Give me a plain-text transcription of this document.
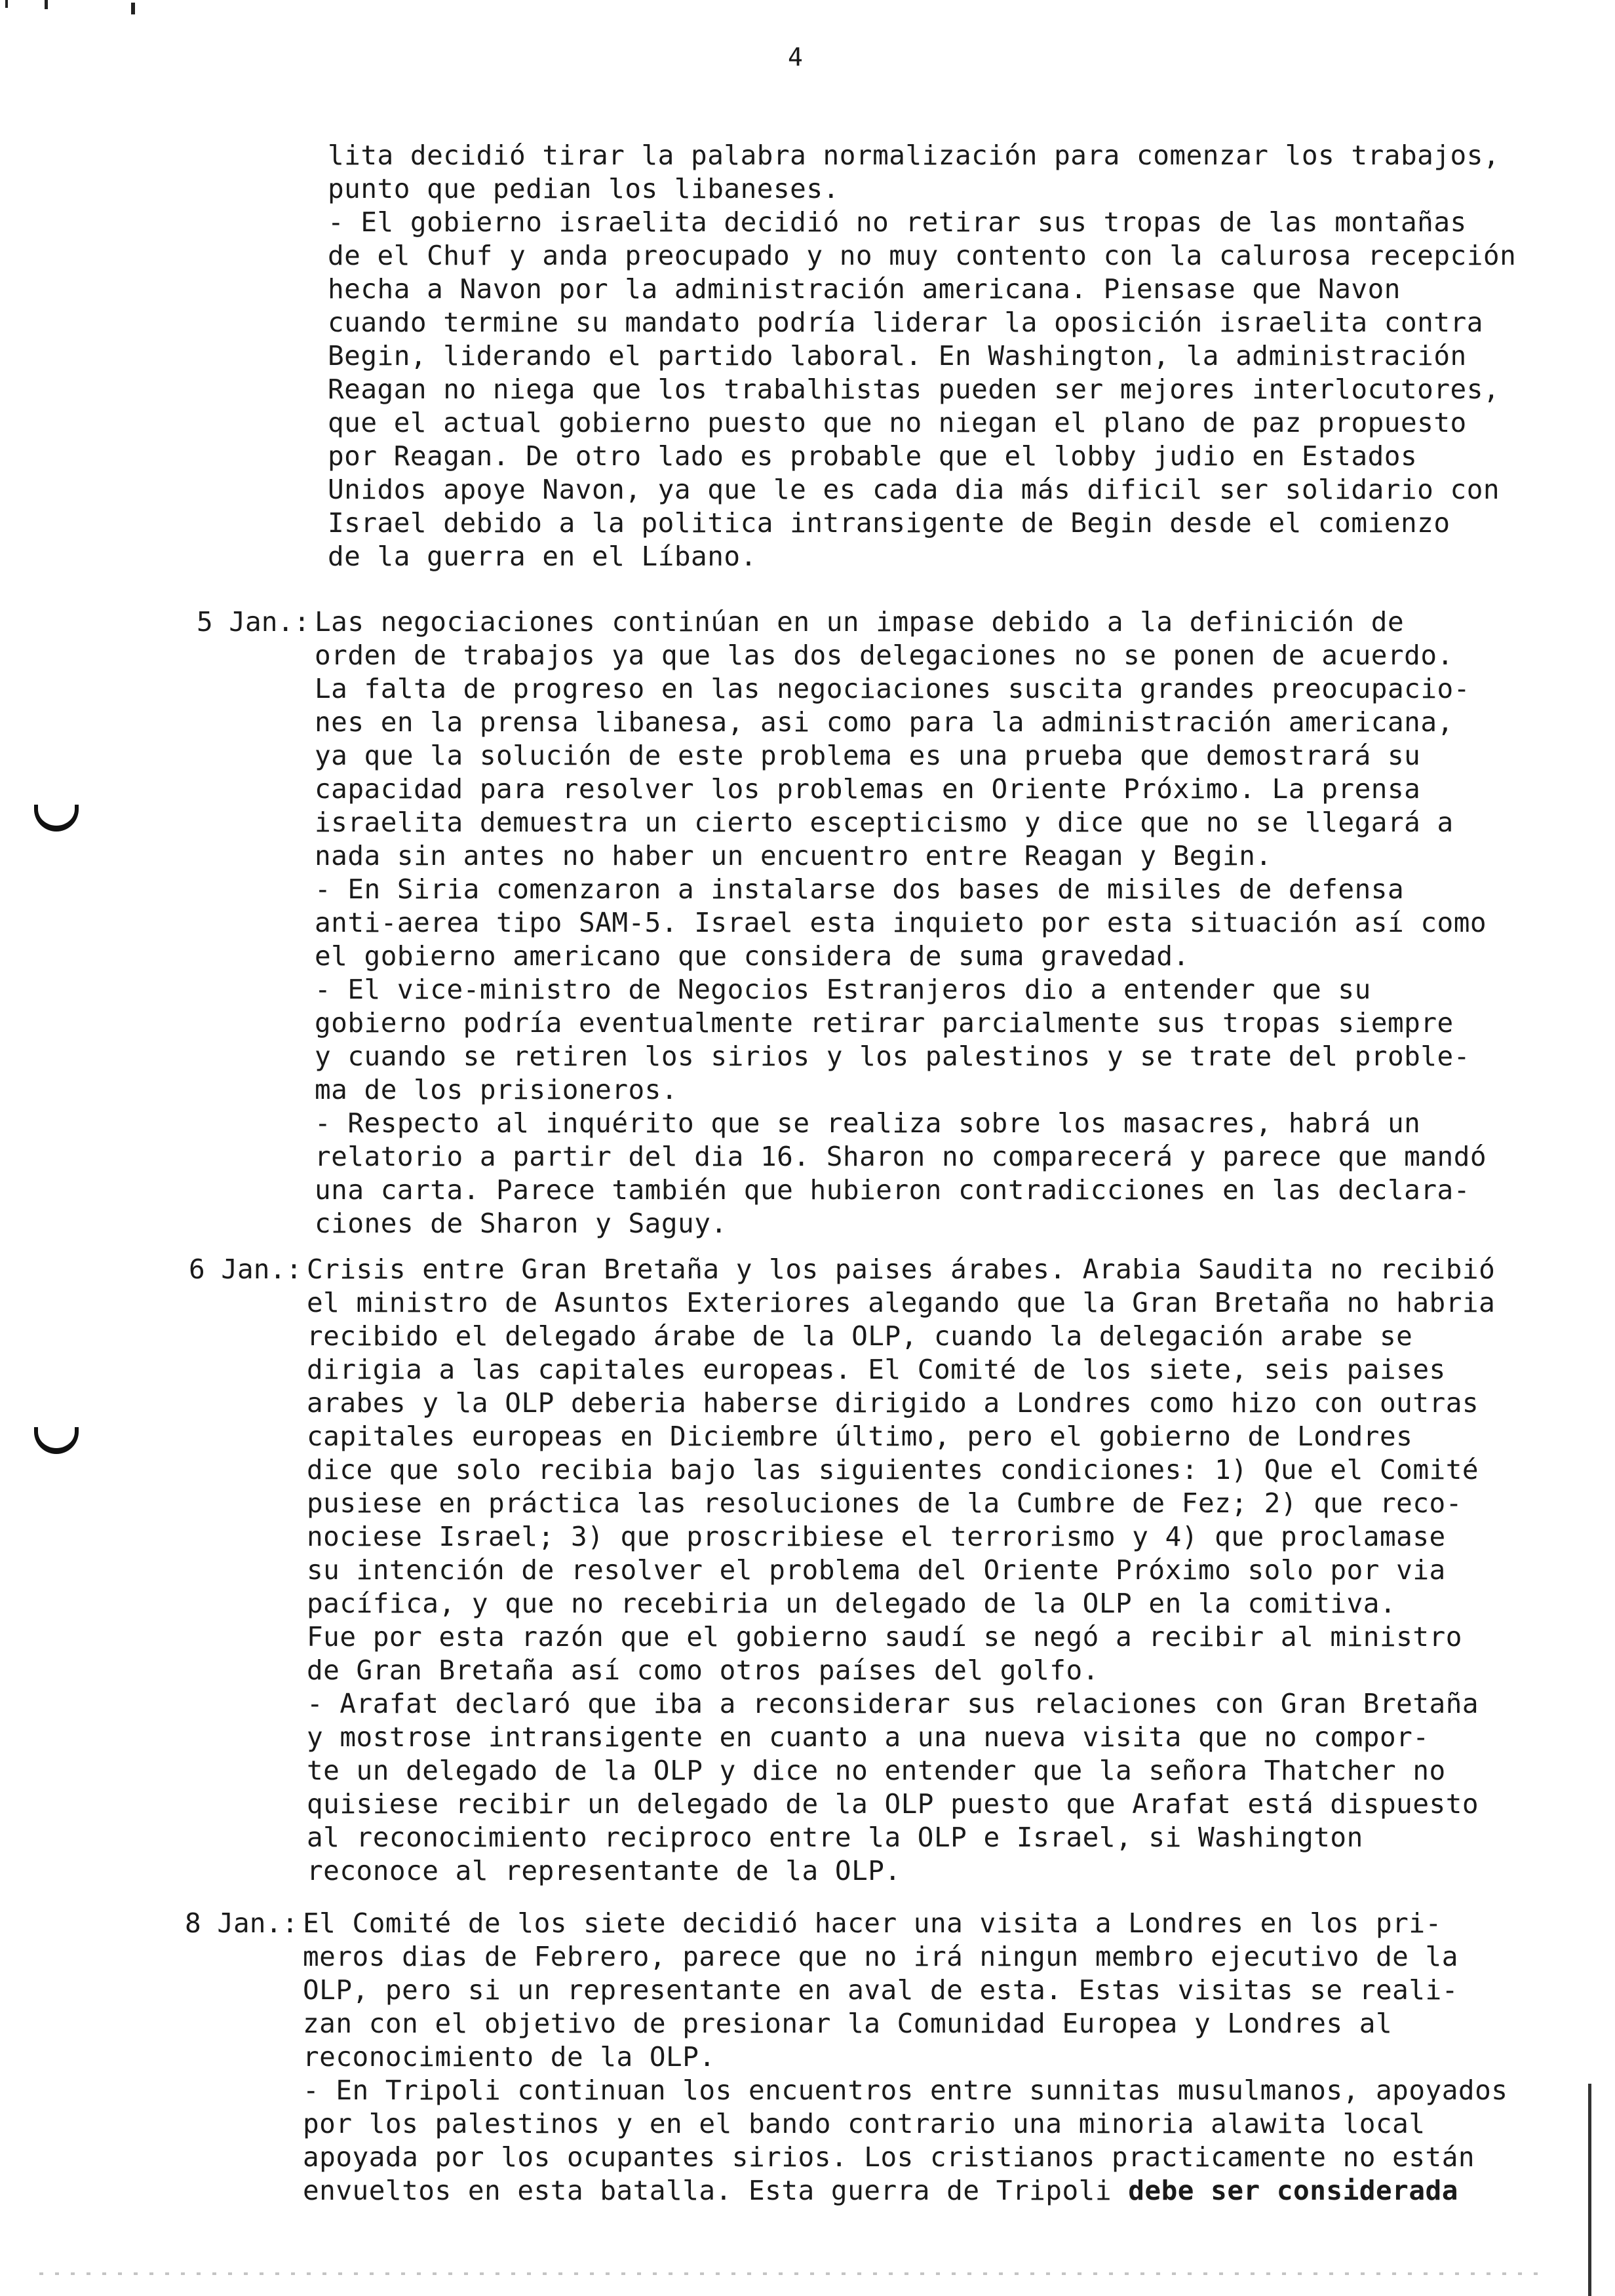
4
lita decidió tirar la palabra normalización para comenzar los trabajos,
punto que pedian los libaneses.
- El gobierno israelita decidió no retirar sus tropas de las montañas
de el Chuf y anda preocupado y no muy contento con la calurosa recepción
hecha a Navon por la administración americana. Piensase que Navon
cuando termine su mandato podría liderar la oposición israelita contra
Begin, liderando el partido laboral. En Washington, la administración
Reagan no niega que los trabalhistas pueden ser mejores interlocutores,
que el actual gobierno puesto que no niegan el plano de paz propuesto
por Reagan. De otro lado es probable que el lobby judio en Estados
Unidos apoye Navon, ya que le es cada dia más dificil ser solidario con
Israel debido a la politica intransigente de Begin desde el comienzo
de la guerra en el Líbano.
5 Jan.: Las negociaciones continúan en un impase debido a la definición de
orden de trabajos ya que las dos delegaciones no se ponen de acuerdo.
La falta de progreso en las negociaciones suscita grandes preocupacio-
nes en la prensa libanesa, asi como para la administración americana,
ya que la solución de este problema es una prueba que demostrará su
capacidad para resolver los problemas en Oriente Próximo. La prensa
israelita demuestra un cierto escepticismo y dice que no se llegará a
nada sin antes no haber un encuentro entre Reagan y Begin.
- En Siria comenzaron a instalarse dos bases de misiles de defensa
anti-aerea tipo SAM-5. Israel esta inquieto por esta situación así como
el gobierno americano que considera de suma gravedad.
- El vice-ministro de Negocios Estranjeros dio a entender que su
gobierno podría eventualmente retirar parcialmente sus tropas siempre
y cuando se retiren los sirios y los palestinos y se trate del proble-
ma de los prisioneros.
- Respecto al inquérito que se realiza sobre los masacres, habrá un
relatorio a partir del dia 16. Sharon no comparecerá y parece que mandó
una carta. Parece también que hubieron contradicciones en las declara-
ciones de Sharon y Saguy.
6 Jan.: Crisis entre Gran Bretaña y los paises árabes. Arabia Saudita no recibió
el ministro de Asuntos Exteriores alegando que la Gran Bretaña no habria
recibido el delegado árabe de la OLP, cuando la delegación arabe se
dirigia a las capitales europeas. El Comité de los siete, seis paises
arabes y la OLP deberia haberse dirigido a Londres como hizo con outras
capitales europeas en Diciembre último, pero el gobierno de Londres
dice que solo recibia bajo las siguientes condiciones: 1) Que el Comité
pusiese en práctica las resoluciones de la Cumbre de Fez; 2) que reco-
nociese Israel; 3) que proscribiese el terrorismo y 4) que proclamase
su intención de resolver el problema del Oriente Próximo solo por via
pacífica, y que no recebiria un delegado de la OLP en la comitiva.
Fue por esta razón que el gobierno saudí se negó a recibir al ministro
de Gran Bretaña así como otros países del golfo.
- Arafat declaró que iba a reconsiderar sus relaciones con Gran Bretaña
y mostrose intransigente en cuanto a una nueva visita que no compor-
te un delegado de la OLP y dice no entender que la señora Thatcher no
quisiese recibir un delegado de la OLP puesto que Arafat está dispuesto
al reconocimiento reciproco entre la OLP e Israel, si Washington
reconoce al representante de la OLP.
8 Jan.: El Comité de los siete decidió hacer una visita a Londres en los pri-
meros dias de Febrero, parece que no irá ningun membro ejecutivo de la
OLP, pero si un representante en aval de esta. Estas visitas se reali-
zan con el objetivo de presionar la Comunidad Europea y Londres al
reconocimiento de la OLP.
- En Tripoli continuan los encuentros entre sunnitas musulmanos, apoyados
por los palestinos y en el bando contrario una minoria alawita local
apoyada por los ocupantes sirios. Los cristianos practicamente no están
envueltos en esta batalla. Esta guerra de Tripoli debe ser considerada
